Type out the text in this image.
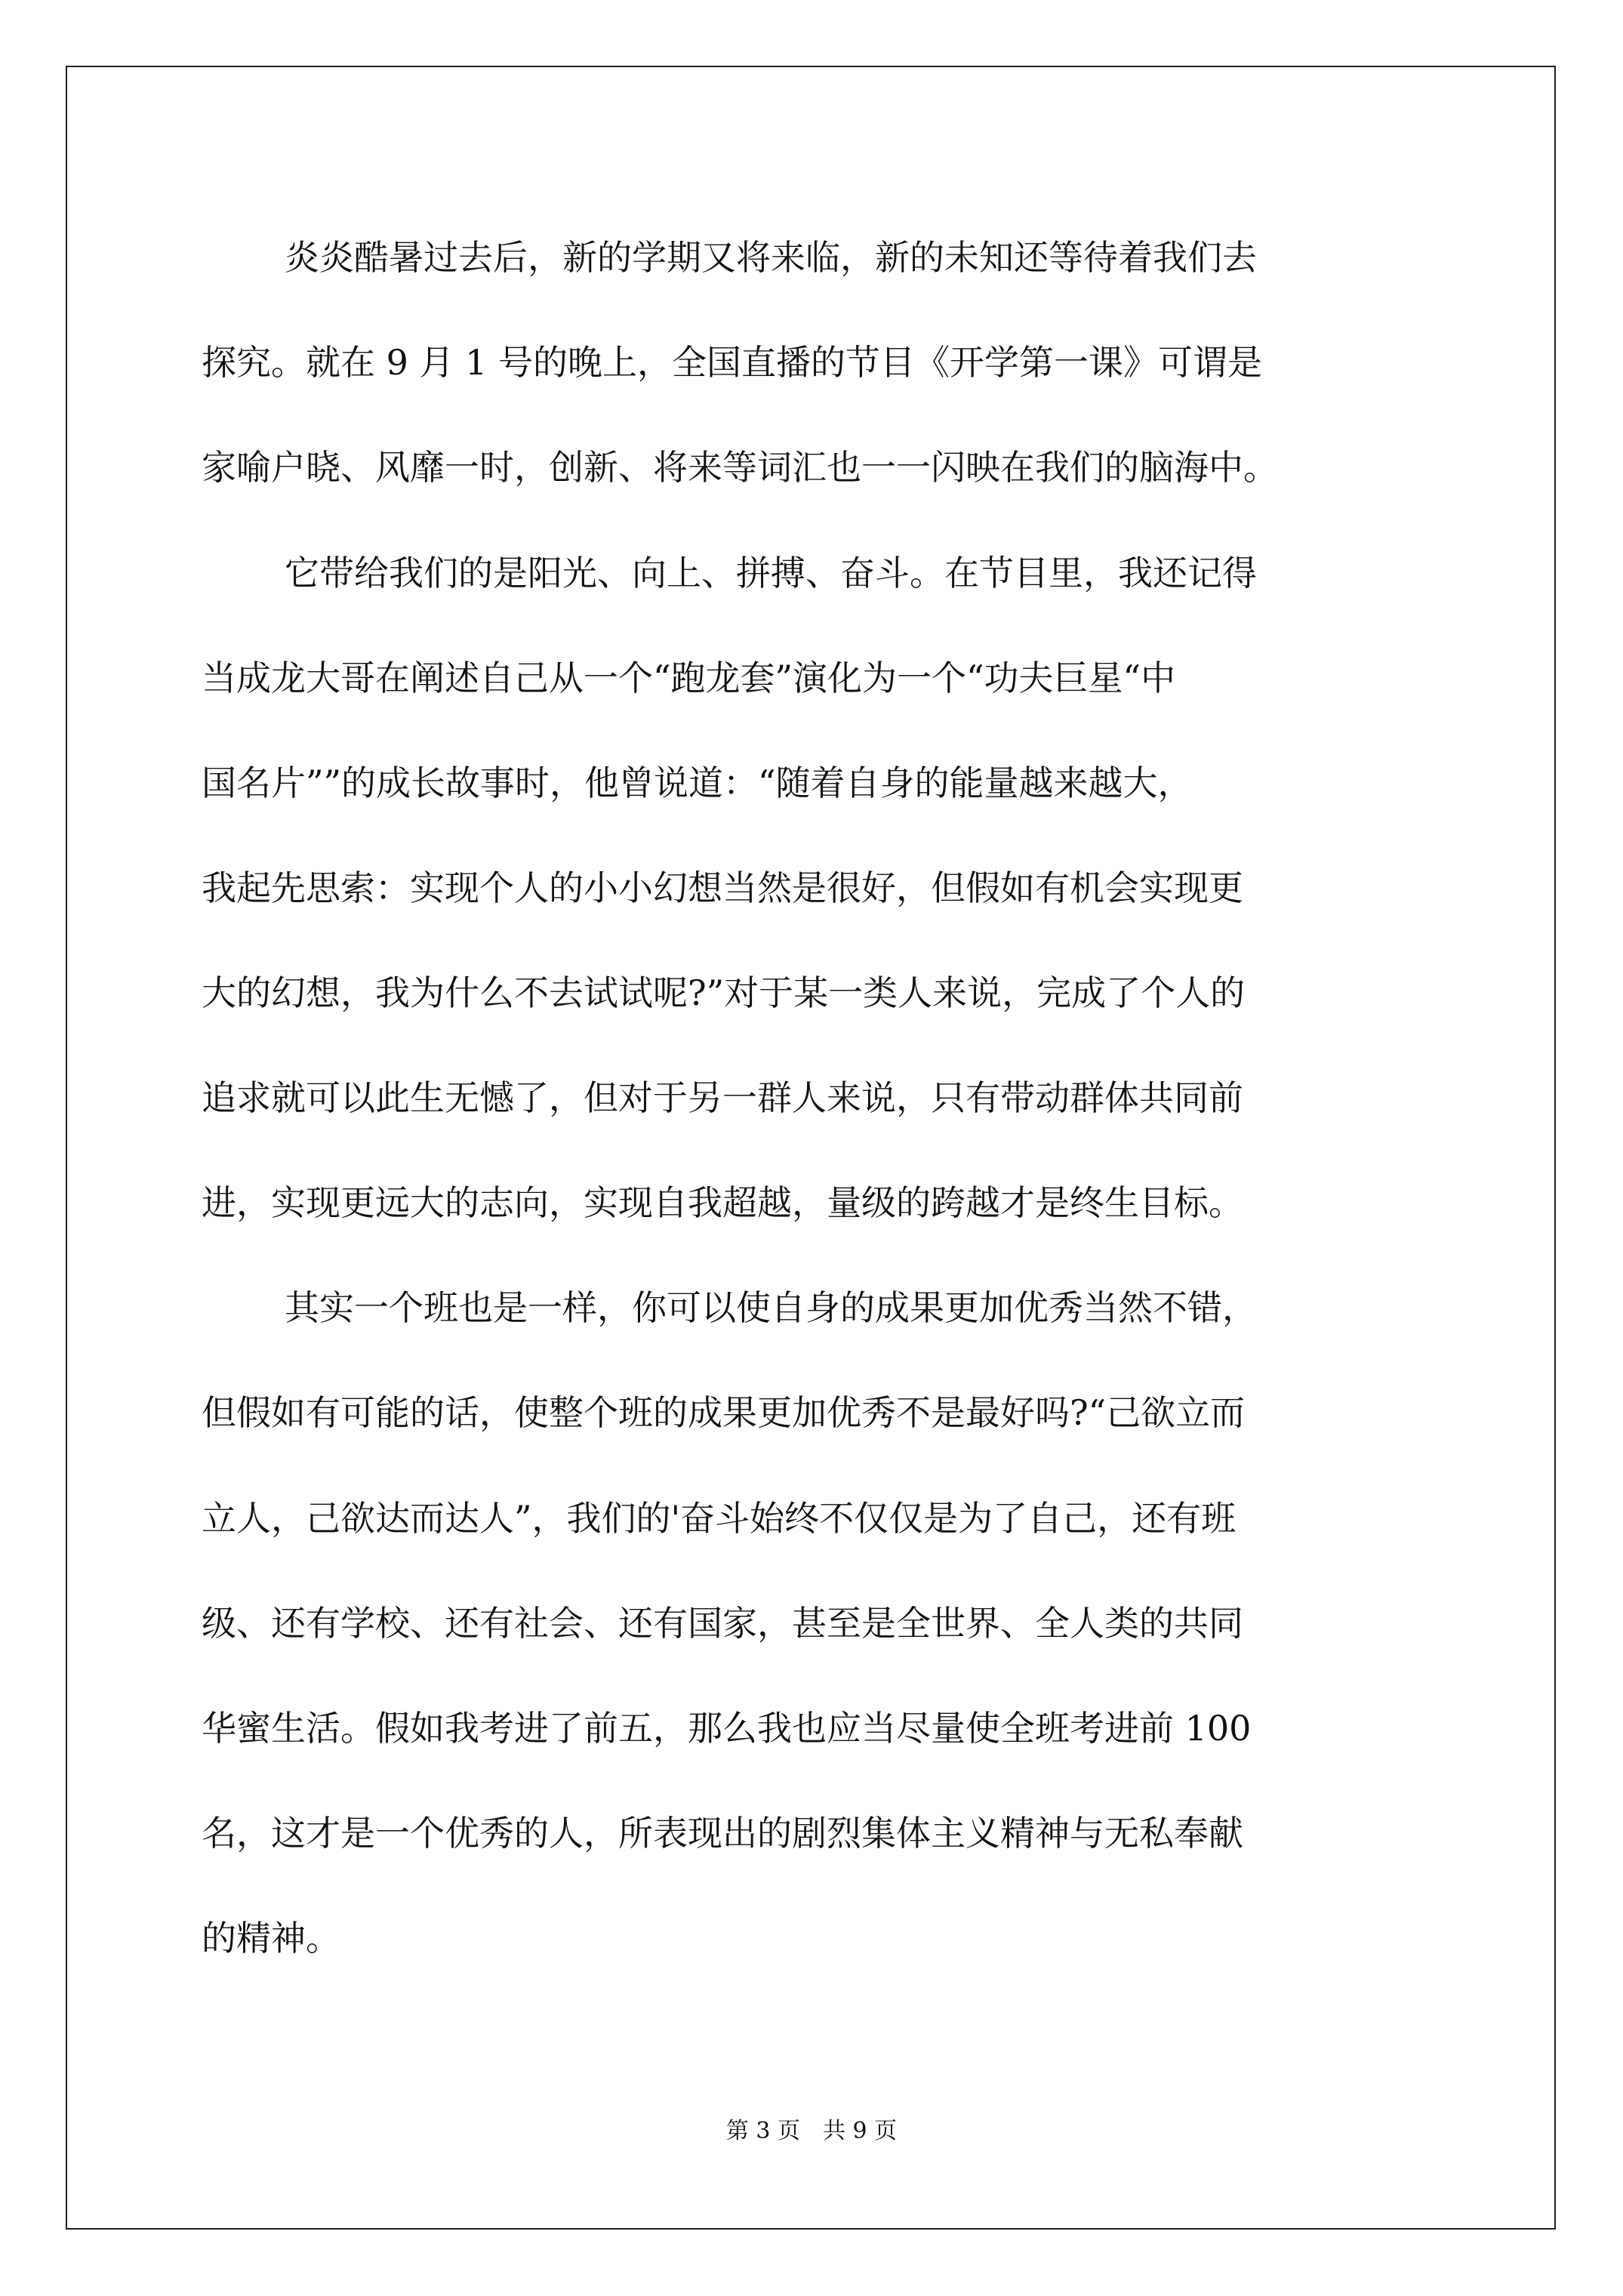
炎炎酷暑过去后，新的学期又将来临，新的未知还等待着我们去
探究。就在 9 月 1 号的晚上，全国直播的节目《开学第一课》可谓是
家喻户晓、风靡一时，创新、将来等词汇也一一闪映在我们的脑海中。
它带给我们的是阳光、向上、拼搏、奋斗。在节目里，我还记得
当成龙大哥在阐述自己从一个“跑龙套”演化为一个“功夫巨星“中
国名片””的成长故事时，他曾说道：“随着自身的能量越来越大，
我起先思索：实现个人的小小幻想当然是很好，但假如有机会实现更
大的幻想，我为什么不去试试呢?”对于某一类人来说，完成了个人的
追求就可以此生无憾了，但对于另一群人来说，只有带动群体共同前
进，实现更远大的志向，实现自我超越，量级的跨越才是终生目标。
其实一个班也是一样，你可以使自身的成果更加优秀当然不错，
但假如有可能的话，使整个班的成果更加优秀不是最好吗?“己欲立而
立人，己欲达而达人”，我们的'奋斗始终不仅仅是为了自己，还有班
级、还有学校、还有社会、还有国家，甚至是全世界、全人类的共同
华蜜生活。假如我考进了前五，那么我也应当尽量使全班考进前 100
名，这才是一个优秀的人，所表现出的剧烈集体主义精神与无私奉献
的精神。
第 3 页　共 9 页
